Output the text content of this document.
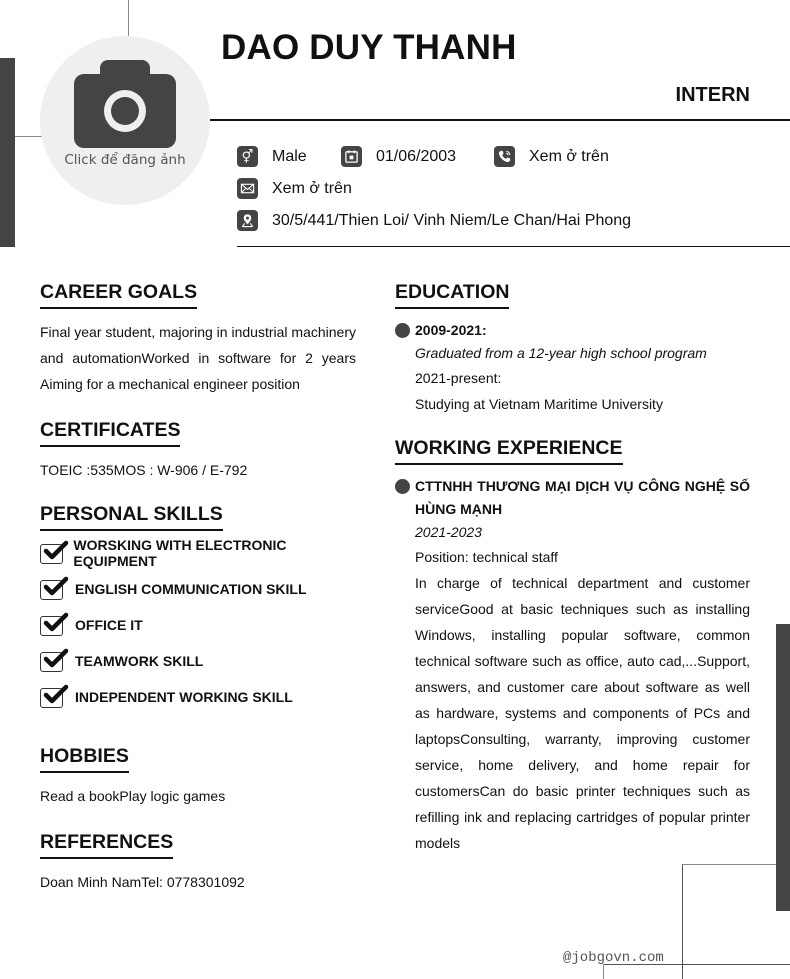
Click để đăng ảnh
DAO DUY THANH
INTERN
⚥ Male	01/06/2003	Xem ở trên
Xem ở trên
30/5/441/Thien Loi/ Vinh Niem/Le Chan/Hai Phong
CAREER GOALS
Final year student, majoring in industrial machinery and automationWorked in software for 2 years Aiming for a mechanical engineer position
CERTIFICATES
TOEIC :535MOS : W-906 / E-792
PERSONAL SKILLS
WORSKING WITH ELECTRONIC EQUIPMENT
ENGLISH COMMUNICATION SKILL
OFFICE IT
TEAMWORK SKILL
INDEPENDENT WORKING SKILL
HOBBIES
Read a bookPlay logic games
REFERENCES
Doan Minh NamTel: 0778301092
EDUCATION
2009-2021:
Graduated from a 12-year high school program
2021-present:
Studying at Vietnam Maritime University
WORKING EXPERIENCE
CTTNHH THƯƠNG MẠI DỊCH VỤ CÔNG NGHỆ SỐ HÙNG MẠNH
2021-2023
Position: technical staff
In charge of technical department and customer serviceGood at basic techniques such as installing Windows, installing popular software, common technical software such as office, auto cad,...Support, answers, and customer care about software as well as hardware, systems and components of PCs and laptopsConsulting, warranty, improving customer service, home delivery, and home repair for customersCan do basic printer techniques such as refilling ink and replacing cartridges of popular printer models
@jobgovn.com
